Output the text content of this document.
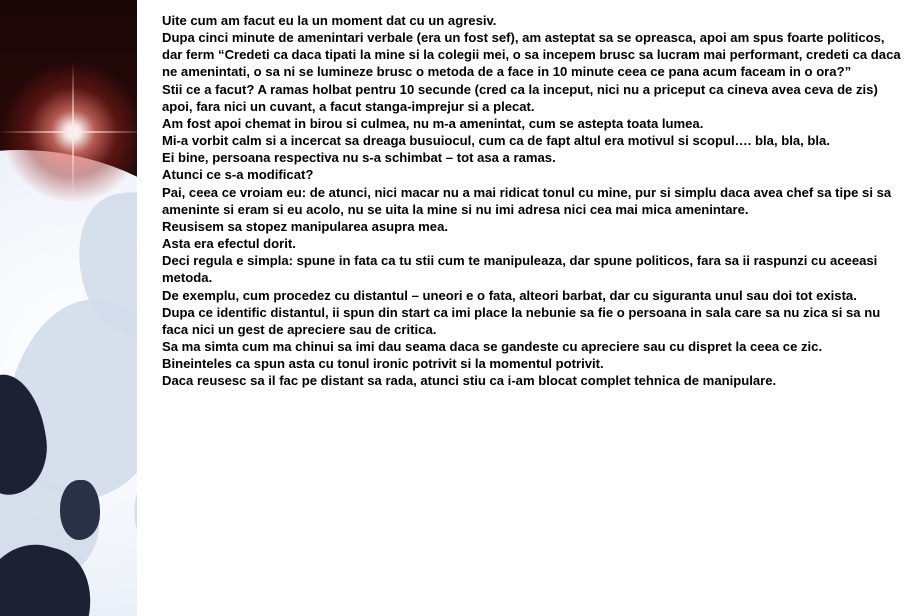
Uite cum am facut eu la un moment dat cu un agresiv.

Dupa cinci minute de amenintari verbale (era un fost sef), am asteptat sa se opreasca, apoi am spus foarte politicos, dar ferm “Credeti ca daca tipati la mine si la colegii mei, o sa incepem brusc sa lucram mai performant, credeti ca daca ne amenintati, o sa ni se lumineze brusc o metoda de a face in 10 minute ceea ce pana acum faceam in o ora?”

Stii ce a facut? A ramas holbat pentru 10 secunde (cred ca la inceput, nici nu a priceput ca cineva avea ceva de zis) apoi, fara nici un cuvant, a facut stanga-imprejur si a plecat.

Am fost apoi chemat in birou si culmea, nu m-a amenintat, cum se astepta toata lumea.

Mi-a vorbit calm si a incercat sa dreaga busuiocul, cum ca de fapt altul era motivul si scopul…. bla, bla, bla.

Ei bine, persoana respectiva nu s-a schimbat – tot asa a ramas.

Atunci ce s-a modificat?

Pai, ceea ce vroiam eu: de atunci, nici macar nu a mai ridicat tonul cu mine, pur si simplu daca avea chef sa tipe si sa ameninte si eram si eu acolo, nu se uita la mine si nu imi adresa nici cea mai mica amenintare.

Reusisem sa stopez manipularea asupra mea.

Asta era efectul dorit.

Deci regula e simpla: spune in fata ca tu stii cum te manipuleaza, dar spune politicos, fara sa ii raspunzi cu aceeasi metoda.

De exemplu, cum procedez cu distantul – uneori e o fata, alteori barbat, dar cu siguranta unul sau doi tot exista.

Dupa ce identific distantul, ii spun din start ca imi place la nebunie sa fie o persoana in sala care sa nu zica si sa nu faca nici un gest de apreciere sau de critica.

Sa ma simta cum ma chinui sa imi dau seama daca se gandeste cu apreciere sau cu dispret la ceea ce zic.

Bineinteles ca spun asta cu tonul ironic potrivit si la momentul potrivit.

Daca reusesc sa il fac pe distant sa rada, atunci stiu ca i-am blocat complet tehnica de manipulare.
